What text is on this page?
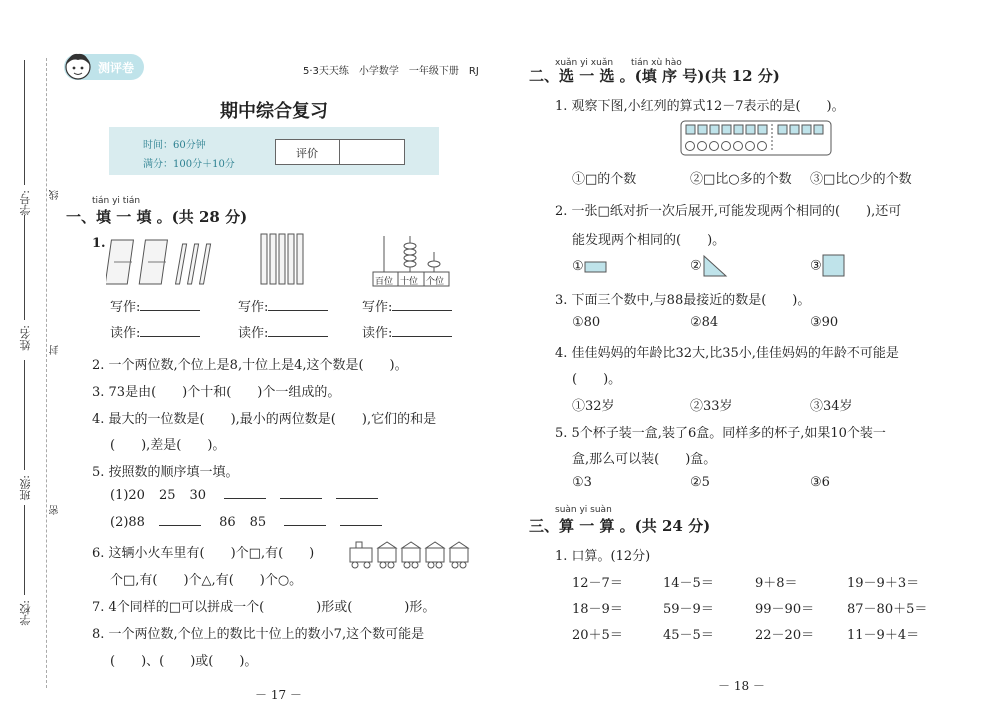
学号:
姓名:
班级:
学校:
线
封
密
测评卷	5·3天天练　小学数学　一年级下册　RJ
期中综合复习
时间：60分钟
满分：100分＋10分
评价
tián yi tián
一、填 一 填 。(共 28 分)
1.
百位 十位 个位
写作:
读作:
写作:
读作:
写作:
读作:
2. 一个两位数,个位上是8,十位上是4,这个数是(　　)。
3. 73是由(　　)个十和(　　)个一组成的。
4. 最大的一位数是(　　),最小的两位数是(　　),它们的和是
(　　),差是(　　)。
5. 按照数的顺序填一填。
(1)20 25 30
(2)88	86 85
6. 这辆小火车里有(　　)个□,有(　　)
个□,有(　　)个△,有(　　)个○。
7. 4个同样的□可以拼成一个(　　　　)形或(　　　　)形。
8. 一个两位数,个位上的数比十位上的数小7,这个数可能是
(　　)、(　　)或(　　)。
－ 17 －
xuǎn yi xuǎn　　tián xù hào
二、选 一 选 。(填 序 号)(共 12 分)
1. 观察下图,小红列的算式12－7表示的是(　　)。
①□的个数	②□比○多的个数 ③□比○少的个数
2. 一张□纸对折一次后展开,可能发现两个相同的(　　),还可
能发现两个相同的(　　)。
①	②	③
3. 下面三个数中,与88最接近的数是(　　)。
①80	②84	③90
4. 佳佳妈妈的年龄比32大,比35小,佳佳妈妈的年龄不可能是
(　　)。
①32岁	②33岁	③34岁
5. 5个杯子装一盒,装了6盒。同样多的杯子,如果10个装一
盒,那么可以装(　　)盒。
①3	②5	③6
suàn yi suàn
三、算 一 算 。(共 24 分)
1. 口算。(12分)
12－7＝	14－5＝	9＋8＝	19－9＋3＝
18－9＝	59－9＝	99－90＝	87－80＋5＝
20＋5＝	45－5＝	22－20＝	11－9＋4＝
－ 18 －
